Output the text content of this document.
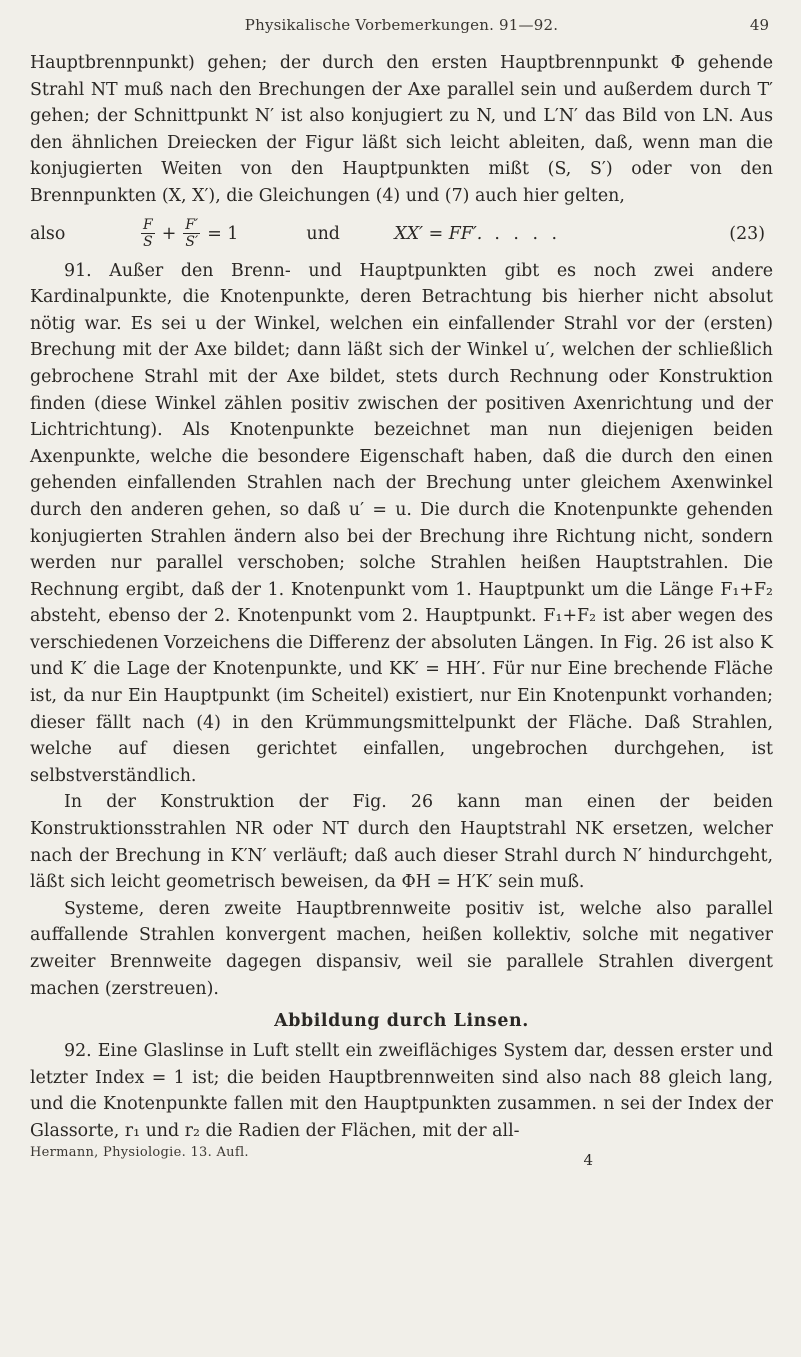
Physikalische Vorbemerkungen. 91—92.	49

Hauptbrennpunkt) gehen; der durch den ersten Hauptbrennpunkt Φ gehende Strahl NT muß nach den Brechungen der Axe parallel sein und außerdem durch T′ gehen; der Schnittpunkt N′ ist also konjugiert zu N, und L′N′ das Bild von LN. Aus den ähnlichen Dreiecken der Figur läßt sich leicht ableiten, daß, wenn man die konjugierten Weiten von den Hauptpunkten mißt (S, S′) oder von den Brennpunkten (X, X′), die Gleichungen (4) und (7) auch hier gelten,

also	$\frac{F}{S} + \frac{F'}{S'} = 1$	und	XX′ = FF′. . . . .	(23)

91. Außer den Brenn- und Hauptpunkten gibt es noch zwei andere Kardinalpunkte, die Knotenpunkte, deren Betrachtung bis hierher nicht absolut nötig war. Es sei u der Winkel, welchen ein einfallender Strahl vor der (ersten) Brechung mit der Axe bildet; dann läßt sich der Winkel u′, welchen der schließlich gebrochene Strahl mit der Axe bildet, stets durch Rechnung oder Konstruktion finden (diese Winkel zählen positiv zwischen der positiven Axenrichtung und der Lichtrichtung). Als Knotenpunkte bezeichnet man nun diejenigen beiden Axenpunkte, welche die besondere Eigenschaft haben, daß die durch den einen gehenden einfallenden Strahlen nach der Brechung unter gleichem Axenwinkel durch den anderen gehen, so daß u′ = u. Die durch die Knotenpunkte gehenden konjugierten Strahlen ändern also bei der Brechung ihre Richtung nicht, sondern werden nur parallel verschoben; solche Strahlen heißen Hauptstrahlen. Die Rechnung ergibt, daß der 1. Knotenpunkt vom 1. Hauptpunkt um die Länge F₁+F₂ absteht, ebenso der 2. Knotenpunkt vom 2. Hauptpunkt. F₁+F₂ ist aber wegen des verschiedenen Vorzeichens die Differenz der absoluten Längen. In Fig. 26 ist also K und K′ die Lage der Knotenpunkte, und KK′ = HH′. Für nur Eine brechende Fläche ist, da nur Ein Hauptpunkt (im Scheitel) existiert, nur Ein Knotenpunkt vorhanden; dieser fällt nach (4) in den Krümmungsmittelpunkt der Fläche. Daß Strahlen, welche auf diesen gerichtet einfallen, ungebrochen durchgehen, ist selbstverständlich.

In der Konstruktion der Fig. 26 kann man einen der beiden Konstruktionsstrahlen NR oder NT durch den Hauptstrahl NK ersetzen, welcher nach der Brechung in K′N′ verläuft; daß auch dieser Strahl durch N′ hindurchgeht, läßt sich leicht geometrisch beweisen, da ΦH = H′K′ sein muß.

Systeme, deren zweite Hauptbrennweite positiv ist, welche also parallel auffallende Strahlen konvergent machen, heißen kollektiv, solche mit negativer zweiter Brennweite dagegen dispansiv, weil sie parallele Strahlen divergent machen (zerstreuen).

Abbildung durch Linsen.

92. Eine Glaslinse in Luft stellt ein zweiflächiges System dar, dessen erster und letzter Index = 1 ist; die beiden Hauptbrennweiten sind also nach 88 gleich lang, und die Knotenpunkte fallen mit den Hauptpunkten zusammen. n sei der Index der Glassorte, r₁ und r₂ die Radien der Flächen, mit der all-

Hermann, Physiologie. 13. Aufl.	4
